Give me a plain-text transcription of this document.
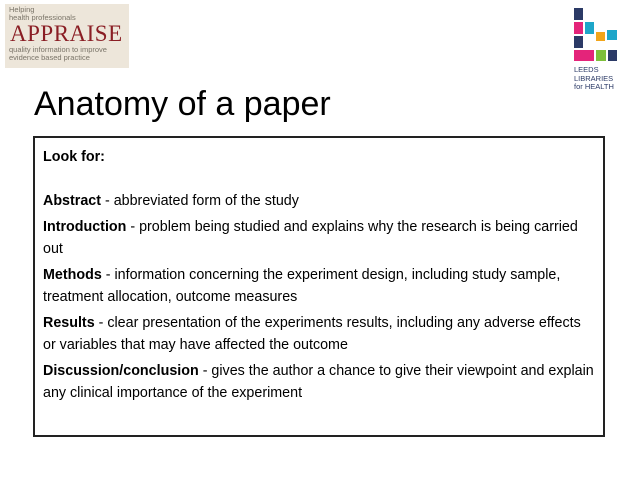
Helping
health professionals
APPRAISE
quality information to improve
evidence based practice
LEEDS
LIBRARIES
for HEALTH
Anatomy of a paper

Look for:

Abstract - abbreviated form of the study

Introduction - problem being studied and explains why the research is being carried out

Methods - information concerning the experiment design, including study sample, treatment allocation, outcome measures

Results - clear presentation of the experiments results, including any adverse effects or variables that may have affected the outcome

Discussion/conclusion - gives the author a chance to give their viewpoint and explain any clinical importance of the experiment
